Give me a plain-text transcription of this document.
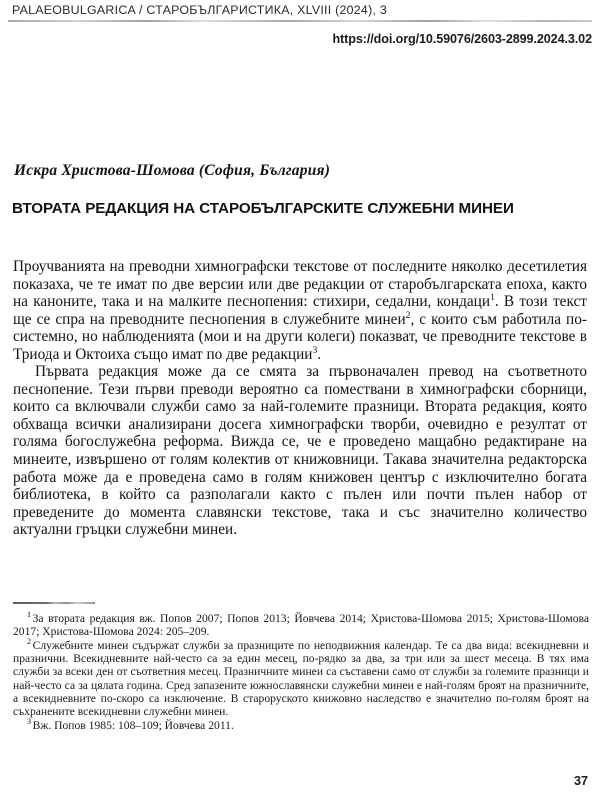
PALAEOBULGARICA / СТАРОБЪЛГАРИСТИКА, XLVIII (2024), 3
https://doi.org/10.59076/2603-2899.2024.3.02
Искра Христова-Шомова (София, България)
ВТОРАТА РЕДАКЦИЯ НА СТАРОБЪЛГАРСКИТЕ СЛУЖЕБНИ МИНЕИ

Проучванията на преводни химнографски текстове от последните няколко десетилетия показаха, че те имат по две версии или две редакции от старобългарската епоха, както на каноните, така и на малките песнопения: стихири, седални, кондаци$^1$. В този текст ще се спра на преводните песнопения в служебните минеи$^2$, с които съм работила по-системно, но наблюденията (мои и на други колеги) показват, че преводните текстове в Триода и Октоиха също имат по две редакции$^3$.

Първата редакция може да се смята за първоначален превод на съответното песнопение. Тези първи преводи вероятно са помествани в химнографски сборници, които са включвали служби само за най-големите празници. Втората редакция, която обхваща всички анализирани досега химнографски творби, очевидно е резултат от голяма богослужебна реформа. Вижда се, че е проведено мащабно редактиране на минеите, извършено от голям колектив от книжовници. Такава значителна редакторска работа може да е проведена само в голям книжовен център с изключително богата библиотека, в който са разполагали както с пълен или почти пълен набор от преведените до момента славянски текстове, така и със значително количество актуални гръцки служебни минеи.

$^1$ За втората редакция вж. Попов 2007; Попов 2013; Йовчева 2014; Христова-Шомова 2015; Христова-Шомова 2017; Христова-Шомова 2024: 205–209.

$^2$ Служебните минеи съдържат служби за празниците по неподвижния календар. Те са два вида: всекидневни и празнични. Всекидневните най-често са за един месец, по-рядко за два, за три или за шест месеца. В тях има служби за всеки ден от съответния месец. Празничните минеи са съставени само от служби за големите празници и най-често са за цялата година. Сред запазените южнославянски служебни минеи е най-голям броят на празничните, а всекидневните по-скоро са изключение. В староруското книжовно наследство е значително по-голям броят на съхранените всекидневни служебни минеи.

$^3$ Вж. Попов 1985: 108–109; Йовчева 2011.

37
